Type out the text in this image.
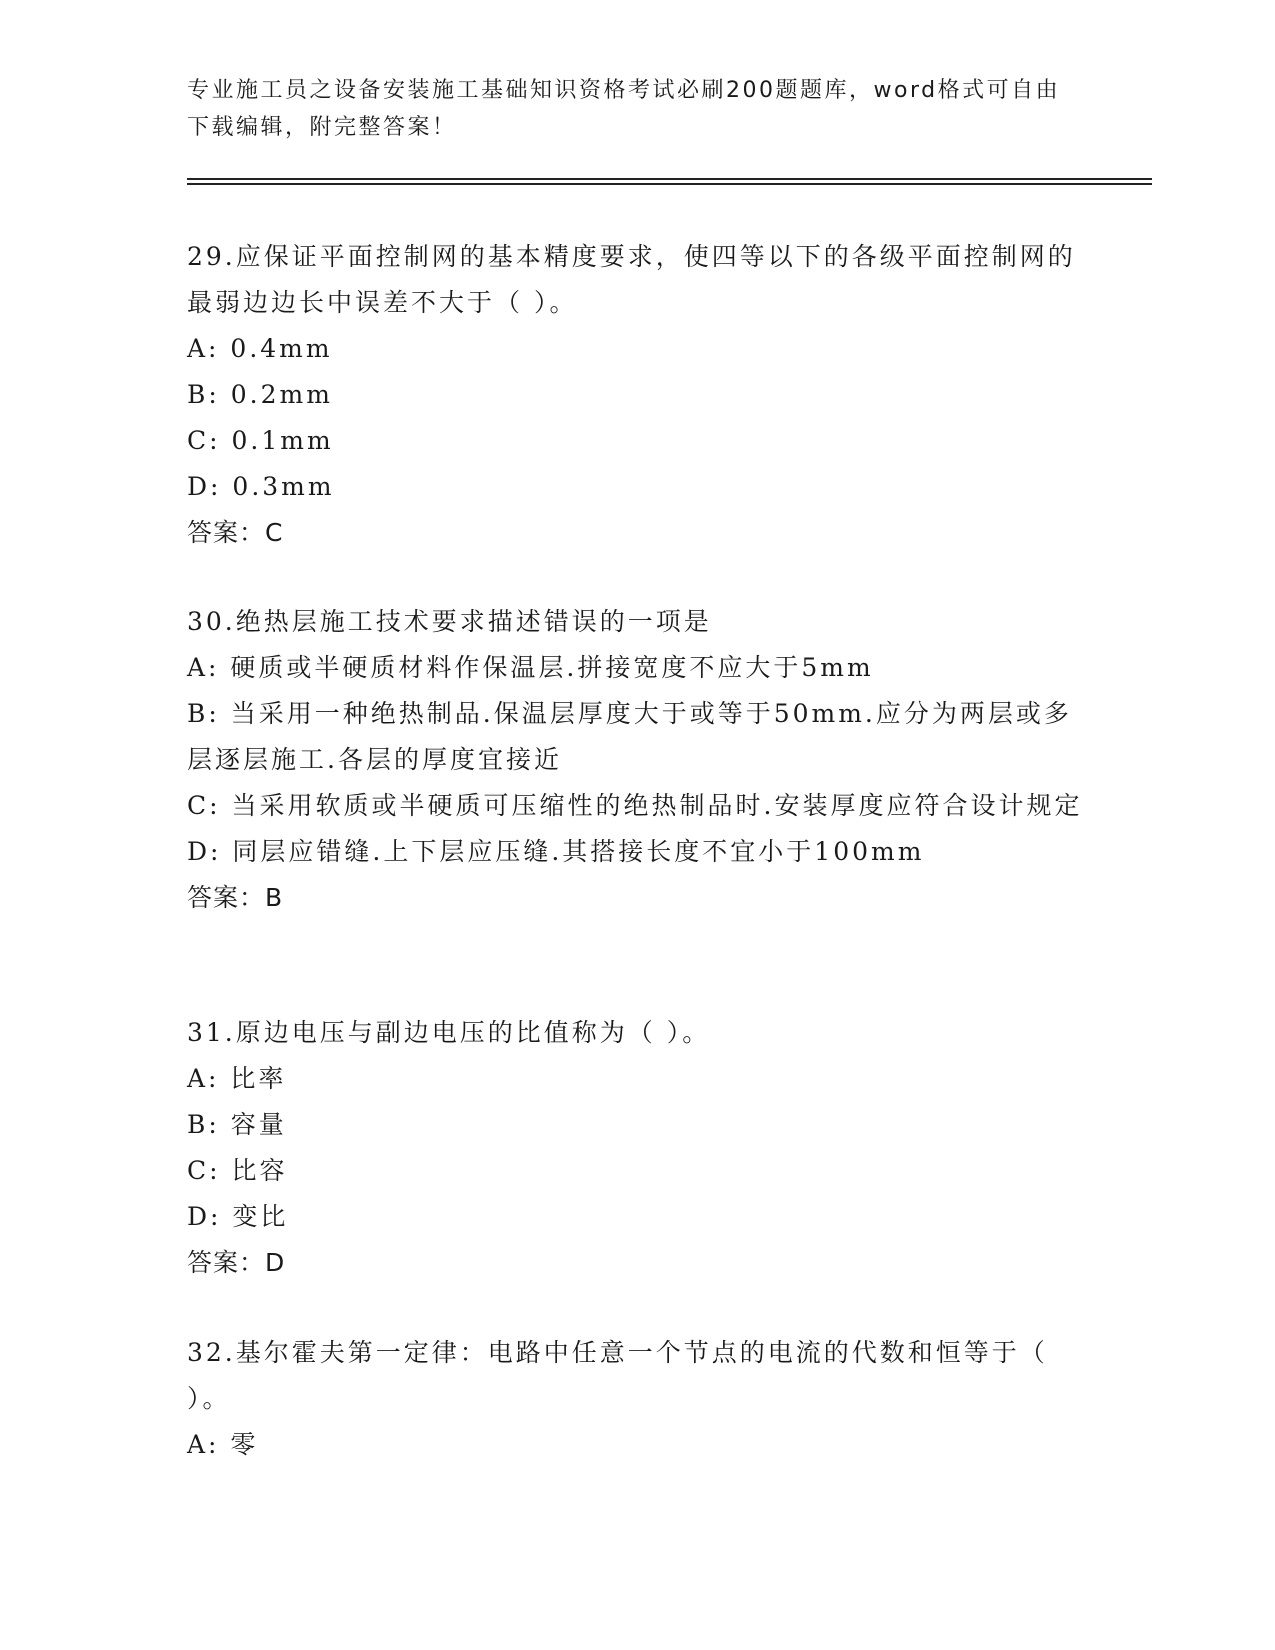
专业施工员之设备安装施工基础知识资格考试必刷200题题库，word格式可自由下载编辑，附完整答案！

29.应保证平面控制网的基本精度要求，使四等以下的各级平面控制网的最弱边边长中误差不大于（ ）。

A: 0.4mm

B: 0.2mm

C: 0.1mm

D: 0.3mm

答案：C

30.绝热层施工技术要求描述错误的一项是

A: 硬质或半硬质材料作保温层.拼接宽度不应大于5mm

B: 当采用一种绝热制品.保温层厚度大于或等于50mm.应分为两层或多层逐层施工.各层的厚度宜接近

C: 当采用软质或半硬质可压缩性的绝热制品时.安装厚度应符合设计规定

D: 同层应错缝.上下层应压缝.其搭接长度不宜小于100mm

答案：B

31.原边电压与副边电压的比值称为（ ）。

A: 比率

B: 容量

C: 比容

D: 变比

答案：D

32.基尔霍夫第一定律：电路中任意一个节点的电流的代数和恒等于（ ）。

A: 零
